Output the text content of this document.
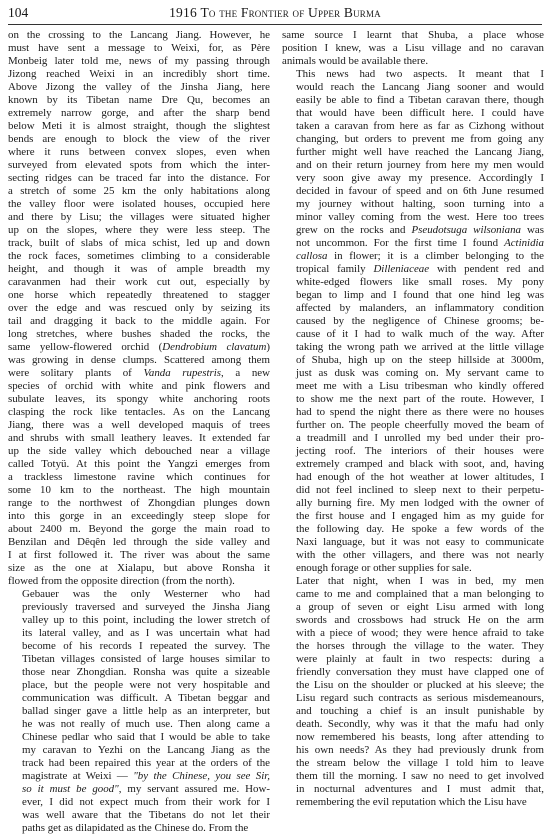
104	1916 To the Frontier of Upper Burma

on the crossing to the Lancang Jiang. However, he
must have sent a message to Weixi, for, as Père
Monbeig later told me, news of my passing through
Jizong reached Weixi in an incredibly short time.
Above Jizong the valley of the Jinsha Jiang, here
known by its Tibetan name Dre Qu, becomes an
extremely narrow gorge, and after the sharp bend
below Meti it is almost straight, though the slightest
bends are enough to block the view of the river
where it runs between convex slopes, even when
surveyed from elevated spots from which the inter-
secting ridges can be traced far into the distance. For
a stretch of some 25 km the only habitations along
the valley floor were isolated houses, occupied here
and there by Lisu; the villages were situated higher
up on the slopes, where they were less steep. The
track, built of slabs of mica schist, led up and down
the rock faces, sometimes climbing to a considerable
height, and though it was of ample breadth my
caravanmen had their work cut out, especially by
one horse which repeatedly threatened to stagger
over the edge and was rescued only by seizing its
tail and dragging it back to the middle again. For
long stretches, where bushes shaded the rocks, the
same yellow-flowered orchid (Dendrobium clavatum)
was growing in dense clumps. Scattered among them
were solitary plants of Vanda rupestris, a new
species of orchid with white and pink flowers and
subulate leaves, its spongy white anchoring roots
clasping the rock like tentacles. As on the Lancang
Jiang, there was a well developed maquis of trees
and shrubs with small leathery leaves. It extended far
up the side valley which debouched near a village
called Totyü. At this point the Yangzi emerges from
a trackless limestone ravine which continues for
some 10 km to the northeast. The high mountain
range to the northwest of Zhongdian plunges down
into this gorge in an exceedingly steep slope for
about 2400 m. Beyond the gorge the main road to
Benzilan and Dêqên led through the side valley and
I at first followed it. The river was about the same
size as the one at Xialapu, but above Ronsha it
flowed from the opposite direction (from the north).

Gebauer was the only Westerner who had
previously traversed and surveyed the Jinsha Jiang
valley up to this point, including the lower stretch of
its lateral valley, and as I was uncertain what had
become of his records I repeated the survey. The
Tibetan villages consisted of large houses similar to
those near Zhongdian. Ronsha was quite a sizeable
place, but the people were not very hospitable and
communication was difficult. A Tibetan beggar and
ballad singer gave a little help as an interpreter, but
he was not really of much use. Then along came a
Chinese pedlar who said that I would be able to take
my caravan to Yezhi on the Lancang Jiang as the
track had been repaired this year at the orders of the
magistrate at Weixi — "by the Chinese, you see Sir,
so it must be good", my servant assured me. How-
ever, I did not expect much from their work for I
was well aware that the Tibetans do not let their
paths get as dilapidated as the Chinese do. From the

same source I learnt that Shuba, a place whose
position I knew, was a Lisu village and no caravan
animals would be available there.

This news had two aspects. It meant that I
would reach the Lancang Jiang sooner and would
easily be able to find a Tibetan caravan there, though
that would have been difficult here. I could have
taken a caravan from here as far as Cizhong without
changing, but orders to prevent me from going any
further might well have reached the Lancang Jiang,
and on their return journey from here my men would
very soon give away my presence. Accordingly I
decided in favour of speed and on 6th June resumed
my journey without halting, soon turning into a
minor valley coming from the west. Here too trees
grew on the rocks and Pseudotsuga wilsoniana was
not uncommon. For the first time I found Actinidia
callosa in flower; it is a climber belonging to the
tropical family Dilleniaceae with pendent red and
white-edged flowers like small roses. My pony
began to limp and I found that one hind leg was
affected by malanders, an inflammatory condition
caused by the negligence of Chinese grooms; be-
cause of it I had to walk much of the way. After
taking the wrong path we arrived at the little village
of Shuba, high up on the steep hillside at 3000m,
just as dusk was coming on. My servant came to
meet me with a Lisu tribesman who kindly offered
to show me the next part of the route. However, I
had to spend the night there as there were no houses
further on. The people cheerfully moved the beam of
a treadmill and I unrolled my bed under their pro-
jecting roof. The interiors of their houses were
extremely cramped and black with soot, and, having
had enough of the hot weather at lower altitudes, I
did not feel inclined to sleep next to their perpetu-
ally burning fire. My men lodged with the owner of
the first house and I engaged him as my guide for
the following day. He spoke a few words of the
Naxi language, but it was not easy to communicate
with the other villagers, and there was not nearly
enough forage or other supplies for sale.

Later that night, when I was in bed, my men
came to me and complained that a man belonging to
a group of seven or eight Lisu armed with long
swords and crossbows had struck He on the arm
with a piece of wood; they were hence afraid to take
the horses through the village to the water. They
were plainly at fault in two respects: during a
friendly conversation they must have clapped one of
the Lisu on the shoulder or plucked at his sleeve; the
Lisu regard such contracts as serious misdemeanours,
and touching a chief is an insult punishable by
death. Secondly, why was it that the mafu had only
now remembered his beasts, long after attending to
his own needs? As they had previously drunk from
the stream below the village I told him to leave
them till the morning. I saw no need to get involved
in nocturnal adventures and I must admit that,
remembering the evil reputation which the Lisu have
